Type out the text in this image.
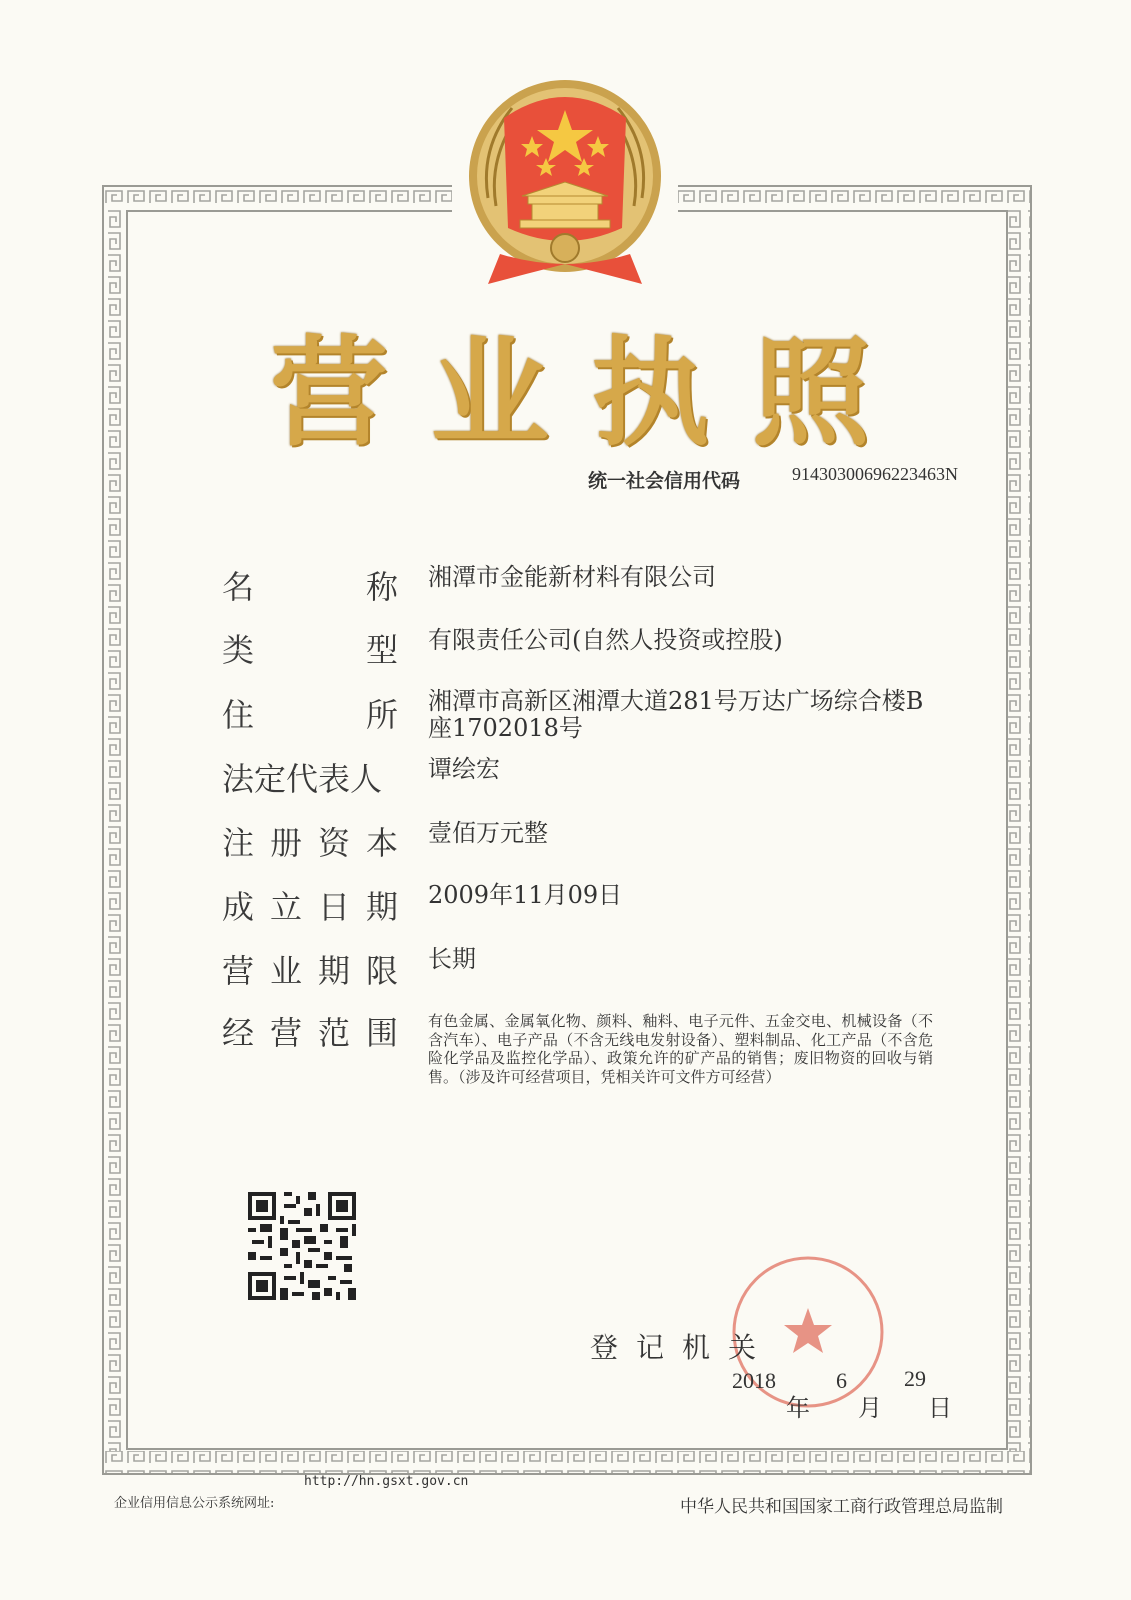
营 业 执 照
统一社会信用代码	91430300696223463N
名	称 湘潭市金能新材料有限公司
类	型 有限责任公司(自然人投资或控股)
住	所 湘潭市高新区湘潭大道281号万达广场综合楼B座1702018号
法定代表人	谭绘宏
注 册 资 本 壹佰万元整
成 立 日 期 2009年11月09日
营 业 期 限 长期
经 营 范 围 有色金属、金属氧化物、颜料、釉料、电子元件、五金交电、机械设备（不含汽车）、电子产品（不含无线电发射设备）、塑料制品、化工产品（不含危险化学品及监控化学品）、政策允许的矿产品的销售；废旧物资的回收与销售。（涉及许可经营项目，凭相关许可文件方可经营）
登记机关
2018
年
6
月
29
日
http://hn.gsxt.gov.cn
企业信用信息公示系统网址:	中华人民共和国国家工商行政管理总局监制
